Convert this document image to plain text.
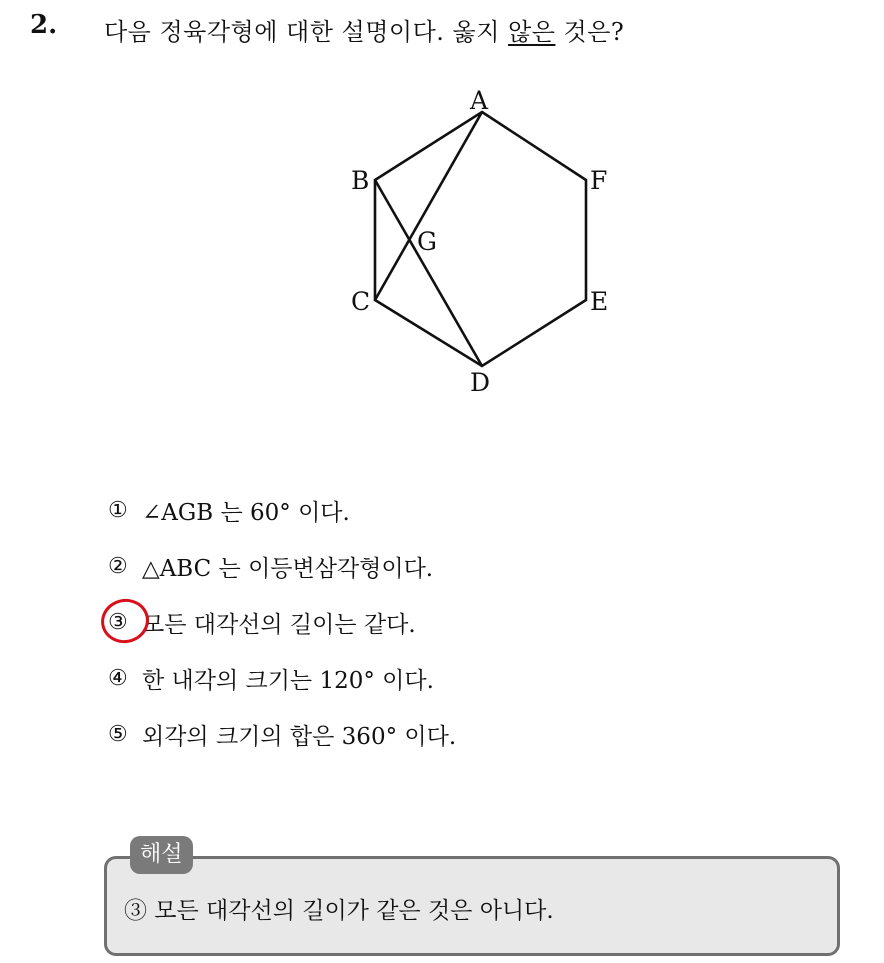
2. 다음 정육각형에 대한 설명이다. 옳지 않은 것은?
A
B
C
D
E
F
G
① ∠AGB 는 60° 이다.
② △ABC 는 이등변삼각형이다.
③ 모든 대각선의 길이는 같다.
④ 한 내각의 크기는 120° 이다.
⑤ 외각의 크기의 합은 360° 이다.
해설
③ 모든 대각선의 길이가 같은 것은 아니다.
